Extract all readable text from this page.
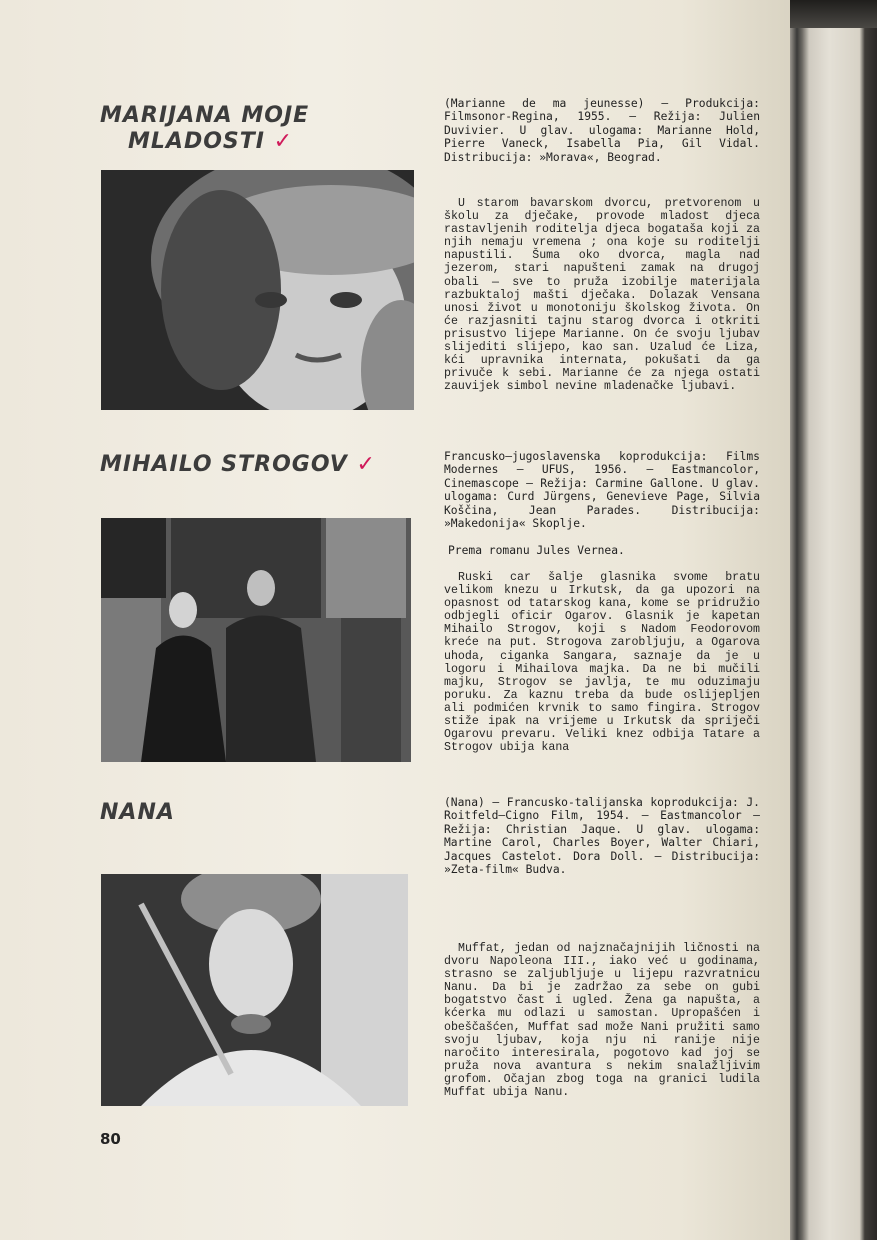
MARIJANA MOJE
MLADOSTI ✓

(Marianne de ma jeunesse) — Produkcija: Filmsonor-Regina, 1955. — Režija: Julien Duvivier. U glav. ulogama: Marianne Hold, Pierre Vaneck, Isabella Pia, Gil Vidal. Distribucija: »Morava«, Beograd.

U starom bavarskom dvorcu, pretvorenom u školu za dječake, provode mladost djeca rastavljenih roditelja djeca bogataša koji za njih nemaju vremena ; ona koje su roditelji napustili. Šuma oko dvorca, magla nad jezerom, stari napušteni zamak na drugoj obali — sve to pruža izobilje materijala razbuktaloj mašti dječaka. Dolazak Vensana unosi život u monotoniju školskog života. On će razjasniti tajnu starog dvorca i otkriti prisustvo lijepe Marianne. On će svoju ljubav slijediti slijepo, kao san. Uzalud će Liza, kći upravnika internata, pokušati da ga privuče k sebi. Marianne će za njega ostati zauvijek simbol nevine mladenačke ljubavi.

MIHAILO STROGOV ✓	Francusko—jugoslavenska koprodukcija: Films Modernes — UFUS, 1956. — Eastmancolor, Cinemascope — Režija: Carmine Gallone. U glav. ulogama: Curd Jürgens, Genevieve Page, Silvia Koščina, Jean Parades. Distribucija: »Makedonija« Skoplje.

Prema romanu Jules Vernea.

Ruski car šalje glasnika svome bratu velikom knezu u Irkutsk, da ga upozori na opasnost od tatarskog kana, kome se pridružio odbjegli oficir Ogarov. Glasnik je kapetan Mihailo Strogov, koji s Nadom Feodorovom kreće na put. Strogova zarobljuju, a Ogarova uhoda, ciganka Sangara, saznaje da je u logoru i Mihailova majka. Da ne bi mučili majku, Strogov se javlja, te mu oduzimaju poruku. Za kaznu treba da bude oslijepljen ali podmićen krvnik to samo fingira. Strogov stiže ipak na vrijeme u Irkutsk da spriječi Ogarovu prevaru. Veliki knez odbija Tatare a Strogov ubija kana

NANA	(Nana) — Francusko-talijanska koprodukcija: J. Roitfeld—Cigno Film, 1954. — Eastmancolor — Režija: Christian Jaque. U glav. ulogama: Martine Carol, Charles Boyer, Walter Chiari, Jacques Castelot. Dora Doll. — Distribucija: »Zeta-film« Budva.

Muffat, jedan od najznačajnijih ličnosti na dvoru Napoleona III., iako već u godinama, strasno se zaljubljuje u lijepu razvratnicu Nanu. Da bi je zadržao za sebe on gubi bogatstvo čast i ugled. Žena ga napušta, a kćerka mu odlazi u samostan. Upropašćen i obeščašćen, Muffat sad može Nani pružiti samo svoju ljubav, koja nju ni ranije nije naročito interesirala, pogotovo kad joj se pruža nova avantura s nekim snalažljivim grofom. Očajan zbog toga na granici ludila Muffat ubija Nanu.

80
